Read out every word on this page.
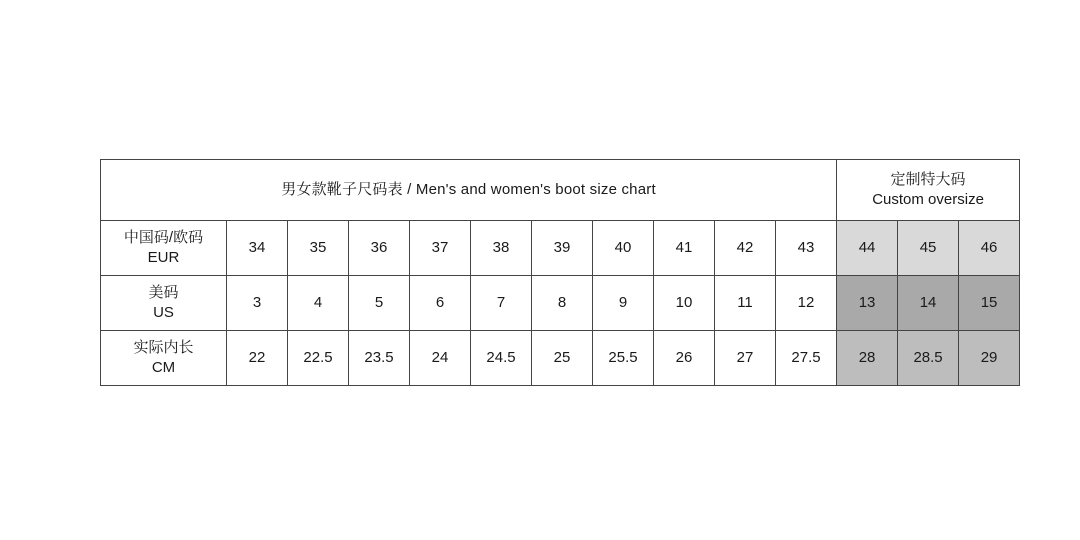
男女款靴子尺码表 / Men's and women's boot size chart											定制特大码
Custom oversize		

中国码/欧码
EUR	34	35	36	37	38	39	40	41	42	43	44	45	46

美码
US	3	4	5	6	7	8	9	10	11	12	13	14	15

实际内长
CM	22	22.5	23.5	24	24.5	25	25.5	26	27	27.5	28	28.5	29
